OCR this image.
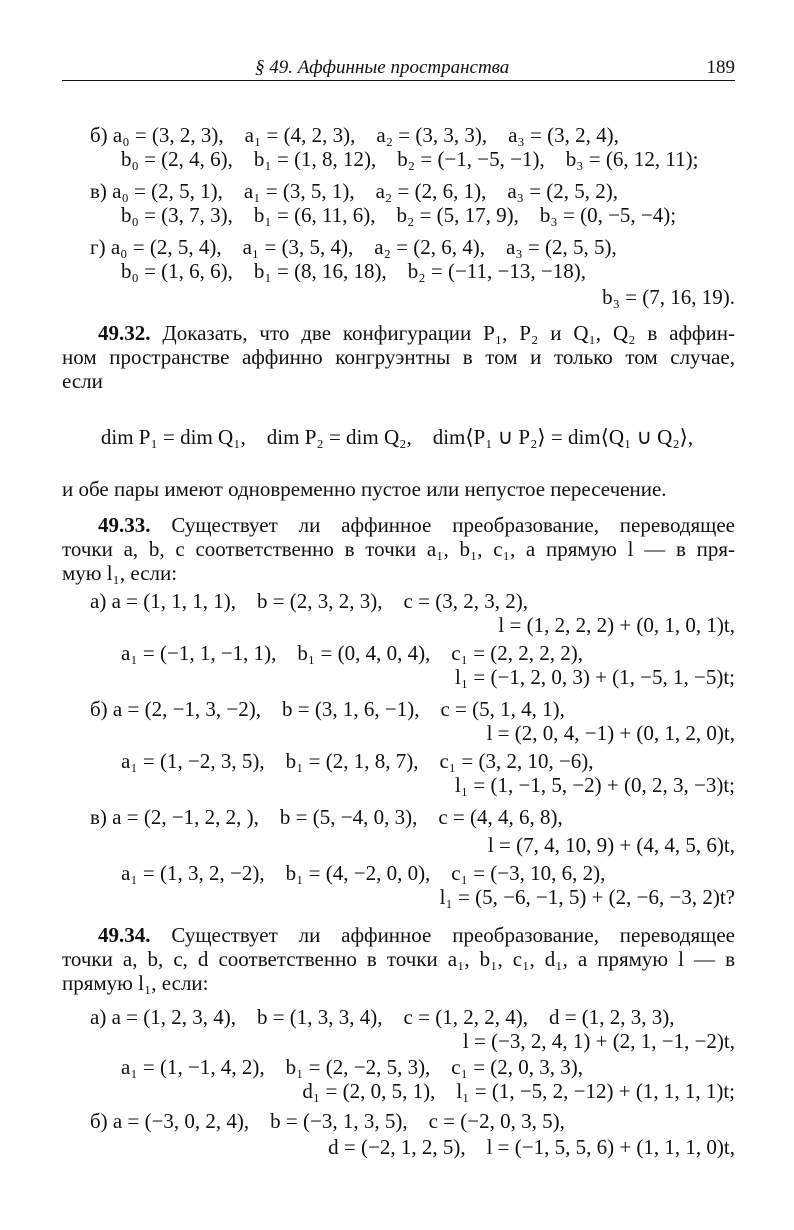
§ 49. Аффинные пространства	189
б) a₀ = (3, 2, 3),    a₁ = (4, 2, 3),    a₂ = (3, 3, 3),    a₃ = (3, 2, 4),
b₀ = (2, 4, 6),    b₁ = (1, 8, 12),    b₂ = (−1, −5, −1),    b₃ = (6, 12, 11);
в) a₀ = (2, 5, 1),    a₁ = (3, 5, 1),    a₂ = (2, 6, 1),    a₃ = (2, 5, 2),
b₀ = (3, 7, 3),    b₁ = (6, 11, 6),    b₂ = (5, 17, 9),    b₃ = (0, −5, −4);
г) a₀ = (2, 5, 4),    a₁ = (3, 5, 4),    a₂ = (2, 6, 4),    a₃ = (2, 5, 5),
b₀ = (1, 6, 6),    b₁ = (8, 16, 18),    b₂ = (−11, −13, −18),
b₃ = (7, 16, 19).
49.32. Доказать, что две конфигурации P₁, P₂ и Q₁, Q₂ в аффин-
ном пространстве аффинно конгруэнтны в том и только том случае,
если
dim P₁ = dim Q₁,    dim P₂ = dim Q₂,    dim⟨P₁ ∪ P₂⟩ = dim⟨Q₁ ∪ Q₂⟩,
и обе пары имеют одновременно пустое или непустое пересечение.
49.33. Существует ли аффинное преобразование, переводящее
точки a, b, c соответственно в точки a₁, b₁, c₁, а прямую l — в пря-
мую l₁, если:
а) a = (1, 1, 1, 1),    b = (2, 3, 2, 3),    c = (3, 2, 3, 2),
l = (1, 2, 2, 2) + (0, 1, 0, 1)t,
a₁ = (−1, 1, −1, 1),    b₁ = (0, 4, 0, 4),    c₁ = (2, 2, 2, 2),
l₁ = (−1, 2, 0, 3) + (1, −5, 1, −5)t;
б) a = (2, −1, 3, −2),    b = (3, 1, 6, −1),    c = (5, 1, 4, 1),
l = (2, 0, 4, −1) + (0, 1, 2, 0)t,
a₁ = (1, −2, 3, 5),    b₁ = (2, 1, 8, 7),    c₁ = (3, 2, 10, −6),
l₁ = (1, −1, 5, −2) + (0, 2, 3, −3)t;
в) a = (2, −1, 2, 2, ),    b = (5, −4, 0, 3),    c = (4, 4, 6, 8),
l = (7, 4, 10, 9) + (4, 4, 5, 6)t,
a₁ = (1, 3, 2, −2),    b₁ = (4, −2, 0, 0),    c₁ = (−3, 10, 6, 2),
l₁ = (5, −6, −1, 5) + (2, −6, −3, 2)t?
49.34. Существует ли аффинное преобразование, переводящее
точки a, b, c, d соответственно в точки a₁, b₁, c₁, d₁, а прямую l — в
прямую l₁, если:
а) a = (1, 2, 3, 4),    b = (1, 3, 3, 4),    c = (1, 2, 2, 4),    d = (1, 2, 3, 3),
l = (−3, 2, 4, 1) + (2, 1, −1, −2)t,
a₁ = (1, −1, 4, 2),    b₁ = (2, −2, 5, 3),    c₁ = (2, 0, 3, 3),
d₁ = (2, 0, 5, 1),    l₁ = (1, −5, 2, −12) + (1, 1, 1, 1)t;
б) a = (−3, 0, 2, 4),    b = (−3, 1, 3, 5),    c = (−2, 0, 3, 5),
d = (−2, 1, 2, 5),    l = (−1, 5, 5, 6) + (1, 1, 1, 0)t,
